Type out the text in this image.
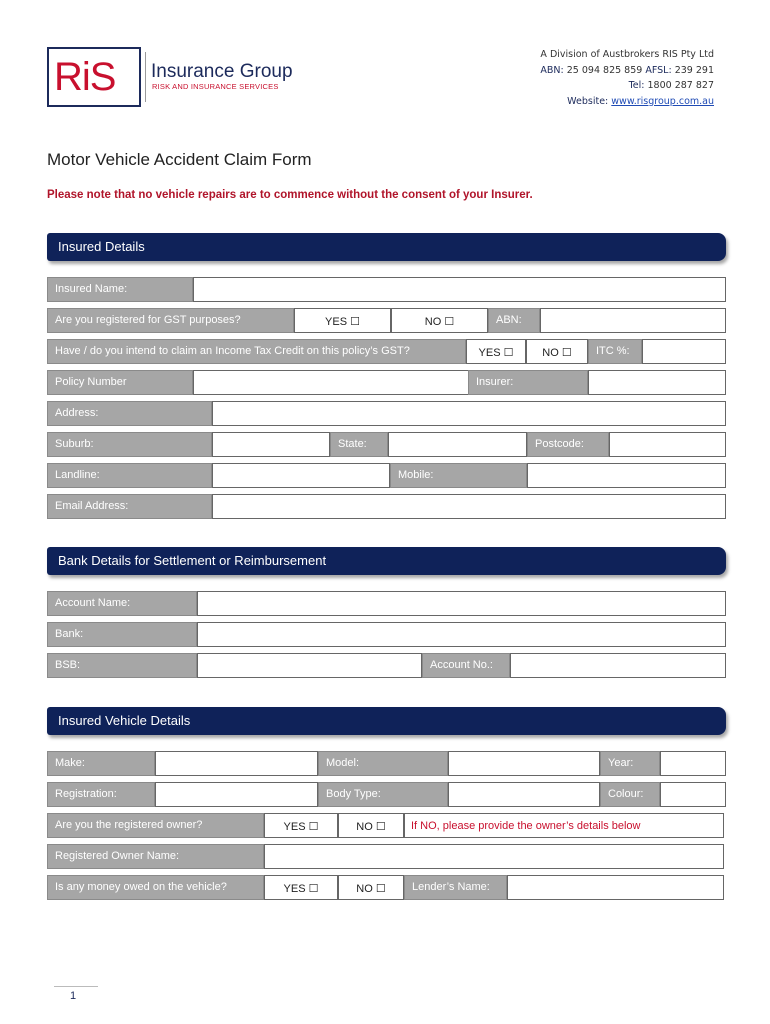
RiS Insurance Group
RISK AND INSURANCE SERVICES
A Division of Austbrokers RIS Pty Ltd
ABN: 25 094 825 859 AFSL: 239 291
Tel: 1800 287 827
Website: www.risgroup.com.au
Motor Vehicle Accident Claim Form
Please note that no vehicle repairs are to commence without the consent of your Insurer.
Insured Details
Insured Name:
Are you registered for GST purposes?	YES ☐	NO ☐	ABN:
Have / do you intend to claim an Income Tax Credit on this policy’s GST?	YES ☐	NO ☐	ITC %:
Policy Number	Insurer:
Address:
Suburb:	State:	Postcode:
Landline:	Mobile:
Email Address:
Bank Details for Settlement or Reimbursement
Account Name:
Bank:
BSB:	Account No.:
Insured Vehicle Details
Make:	Model:	Year:
Registration:	Body Type:	Colour:
Are you the registered owner?	YES ☐	NO ☐	If NO, please provide the owner’s details below
Registered Owner Name:
Is any money owed on the vehicle?	YES ☐	NO ☐	Lender’s Name:
1
